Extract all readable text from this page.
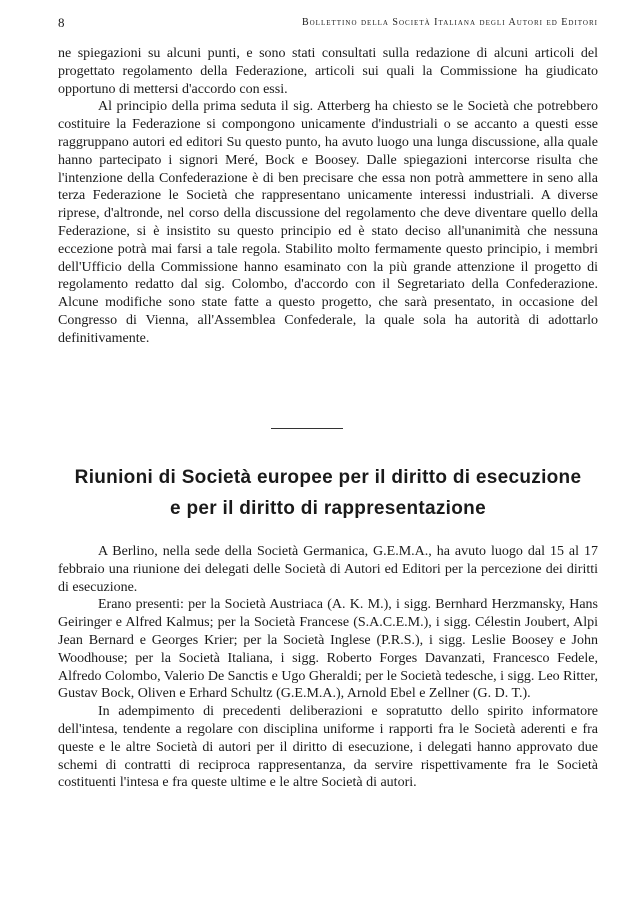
8	Bollettino della Società Italiana degli Autori ed Editori

ne spiegazioni su alcuni punti, e sono stati consultati sulla redazione di alcuni articoli del progettato regolamento della Federazione, articoli sui quali la Commissione ha giudicato opportuno di mettersi d'accordo con essi.

Al principio della prima seduta il sig. Atterberg ha chiesto se le Società che potrebbero costituire la Federazione si compongono unicamente d'industriali o se accanto a questi esse raggruppano autori ed editori Su questo punto, ha avuto luogo una lunga discussione, alla quale hanno partecipato i signori Meré, Bock e Boosey. Dalle spiegazioni intercorse risulta che l'intenzione della Confederazione è di ben precisare che essa non potrà ammettere in seno alla terza Federazione le Società che rappresentano unicamente interessi industriali. A diverse riprese, d'altronde, nel corso della discussione del regolamento che deve diventare quello della Federazione, si è insistito su questo principio ed è stato deciso all'unanimità che nessuna eccezione potrà mai farsi a tale regola. Stabilito molto fermamente questo principio, i membri dell'Ufficio della Commissione hanno esaminato con la più grande attenzione il progetto di regolamento redatto dal sig. Colombo, d'accordo con il Segretariato della Confederazione. Alcune modifiche sono state fatte a questo progetto, che sarà presentato, in occasione del Congresso di Vienna, all'Assemblea Confederale, la quale sola ha autorità di adottarlo definitivamente.

Riunioni di Società europee per il diritto di esecuzione
e per il diritto di rappresentazione

A Berlino, nella sede della Società Germanica, G.E.M.A., ha avuto luogo dal 15 al 17 febbraio una riunione dei delegati delle Società di Autori ed Editori per la percezione dei diritti di esecuzione.

Erano presenti: per la Società Austriaca (A. K. M.), i sigg. Bernhard Herzmansky, Hans Geiringer e Alfred Kalmus; per la Società Francese (S.A.C.E.M.), i sigg. Célestin Joubert, Alpi Jean Bernard e Georges Krier; per la Società Inglese (P.R.S.), i sigg. Leslie Boosey e John Woodhouse; per la Società Italiana, i sigg. Roberto Forges Davanzati, Francesco Fedele, Alfredo Colombo, Valerio De Sanctis e Ugo Gheraldi; per le Società tedesche, i sigg. Leo Ritter, Gustav Bock, Oliven e Erhard Schultz (G.E.M.A.), Arnold Ebel e Zellner (G. D. T.).

In adempimento di precedenti deliberazioni e sopratutto dello spirito informatore dell'intesa, tendente a regolare con disciplina uniforme i rapporti fra le Società aderenti e fra queste e le altre Società di autori per il diritto di esecuzione, i delegati hanno approvato due schemi di contratti di reciproca rappresentanza, da servire rispettivamente fra le Società costituenti l'intesa e fra queste ultime e le altre Società di autori.
